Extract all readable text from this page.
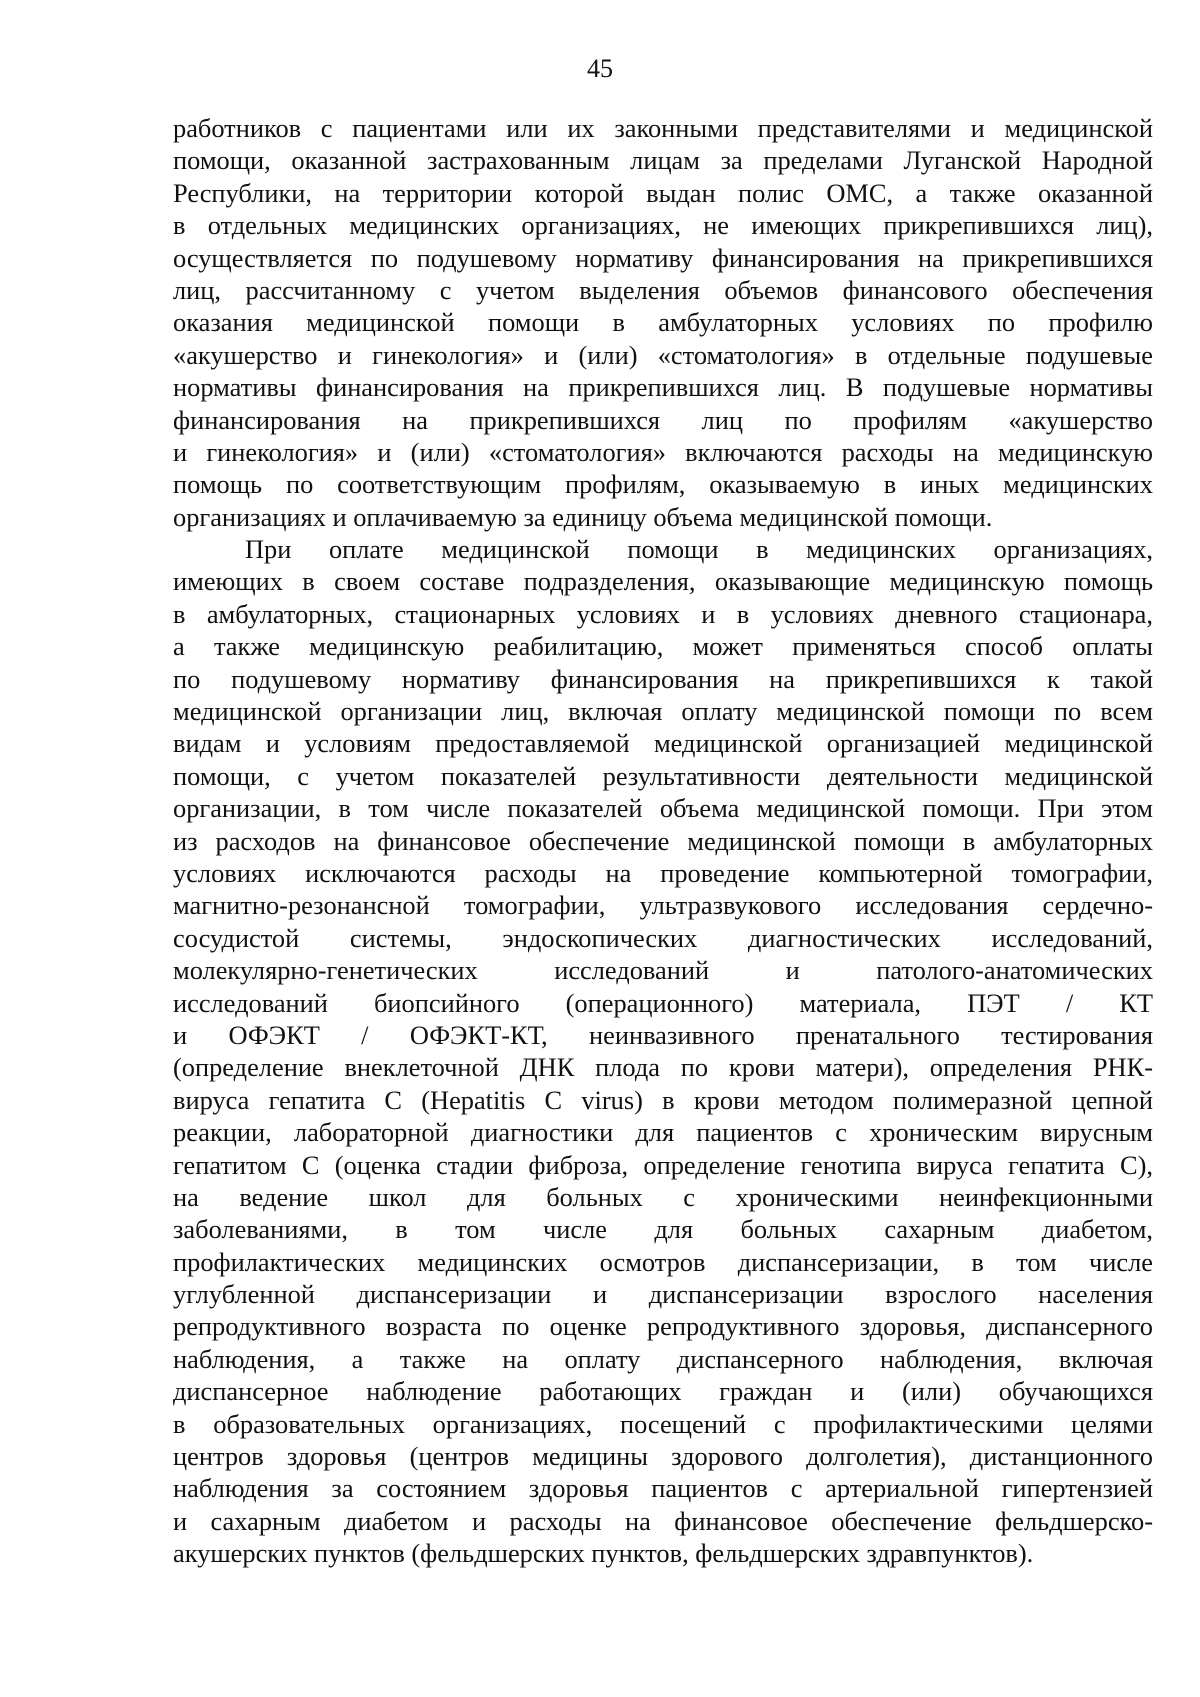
45

работников с пациентами или их законными представителями и медицинской
помощи, оказанной застрахованным лицам за пределами Луганской Народной
Республики, на территории которой выдан полис ОМС, а также оказанной
в отдельных медицинских организациях, не имеющих прикрепившихся лиц),
осуществляется по подушевому нормативу финансирования на прикрепившихся
лиц, рассчитанному с учетом выделения объемов финансового обеспечения
оказания медицинской помощи в амбулаторных условиях по профилю
«акушерство и гинекология» и (или) «стоматология» в отдельные подушевые
нормативы финансирования на прикрепившихся лиц. В подушевые нормативы
финансирования на прикрепившихся лиц по профилям «акушерство
и гинекология» и (или) «стоматология» включаются расходы на медицинскую
помощь по соответствующим профилям, оказываемую в иных медицинских
организациях и оплачиваемую за единицу объема медицинской помощи.

При оплате медицинской помощи в медицинских организациях,
имеющих в своем составе подразделения, оказывающие медицинскую помощь
в амбулаторных, стационарных условиях и в условиях дневного стационара,
а также медицинскую реабилитацию, может применяться способ оплаты
по подушевому нормативу финансирования на прикрепившихся к такой
медицинской организации лиц, включая оплату медицинской помощи по всем
видам и условиям предоставляемой медицинской организацией медицинской
помощи, с учетом показателей результативности деятельности медицинской
организации, в том числе показателей объема медицинской помощи. При этом
из расходов на финансовое обеспечение медицинской помощи в амбулаторных
условиях исключаются расходы на проведение компьютерной томографии,
магнитно-резонансной томографии, ультразвукового исследования сердечно-
сосудистой системы, эндоскопических диагностических исследований,
молекулярно-генетических исследований и патолого-анатомических
исследований биопсийного (операционного) материала, ПЭТ / КТ
и ОФЭКТ / ОФЭКТ-КТ, неинвазивного пренатального тестирования
(определение внеклеточной ДНК плода по крови матери), определения РНК-
вируса гепатита С (Hepatitis C virus) в крови методом полимеразной цепной
реакции, лабораторной диагностики для пациентов с хроническим вирусным
гепатитом С (оценка стадии фиброза, определение генотипа вируса гепатита С),
на ведение школ для больных с хроническими неинфекционными
заболеваниями, в том числе для больных сахарным диабетом,
профилактических медицинских осмотров диспансеризации, в том числе
углубленной диспансеризации и диспансеризации взрослого населения
репродуктивного возраста по оценке репродуктивного здоровья, диспансерного
наблюдения, а также на оплату диспансерного наблюдения, включая
диспансерное наблюдение работающих граждан и (или) обучающихся
в образовательных организациях, посещений с профилактическими целями
центров здоровья (центров медицины здорового долголетия), дистанционного
наблюдения за состоянием здоровья пациентов с артериальной гипертензией
и сахарным диабетом и расходы на финансовое обеспечение фельдшерско-
акушерских пунктов (фельдшерских пунктов, фельдшерских здравпунктов).
